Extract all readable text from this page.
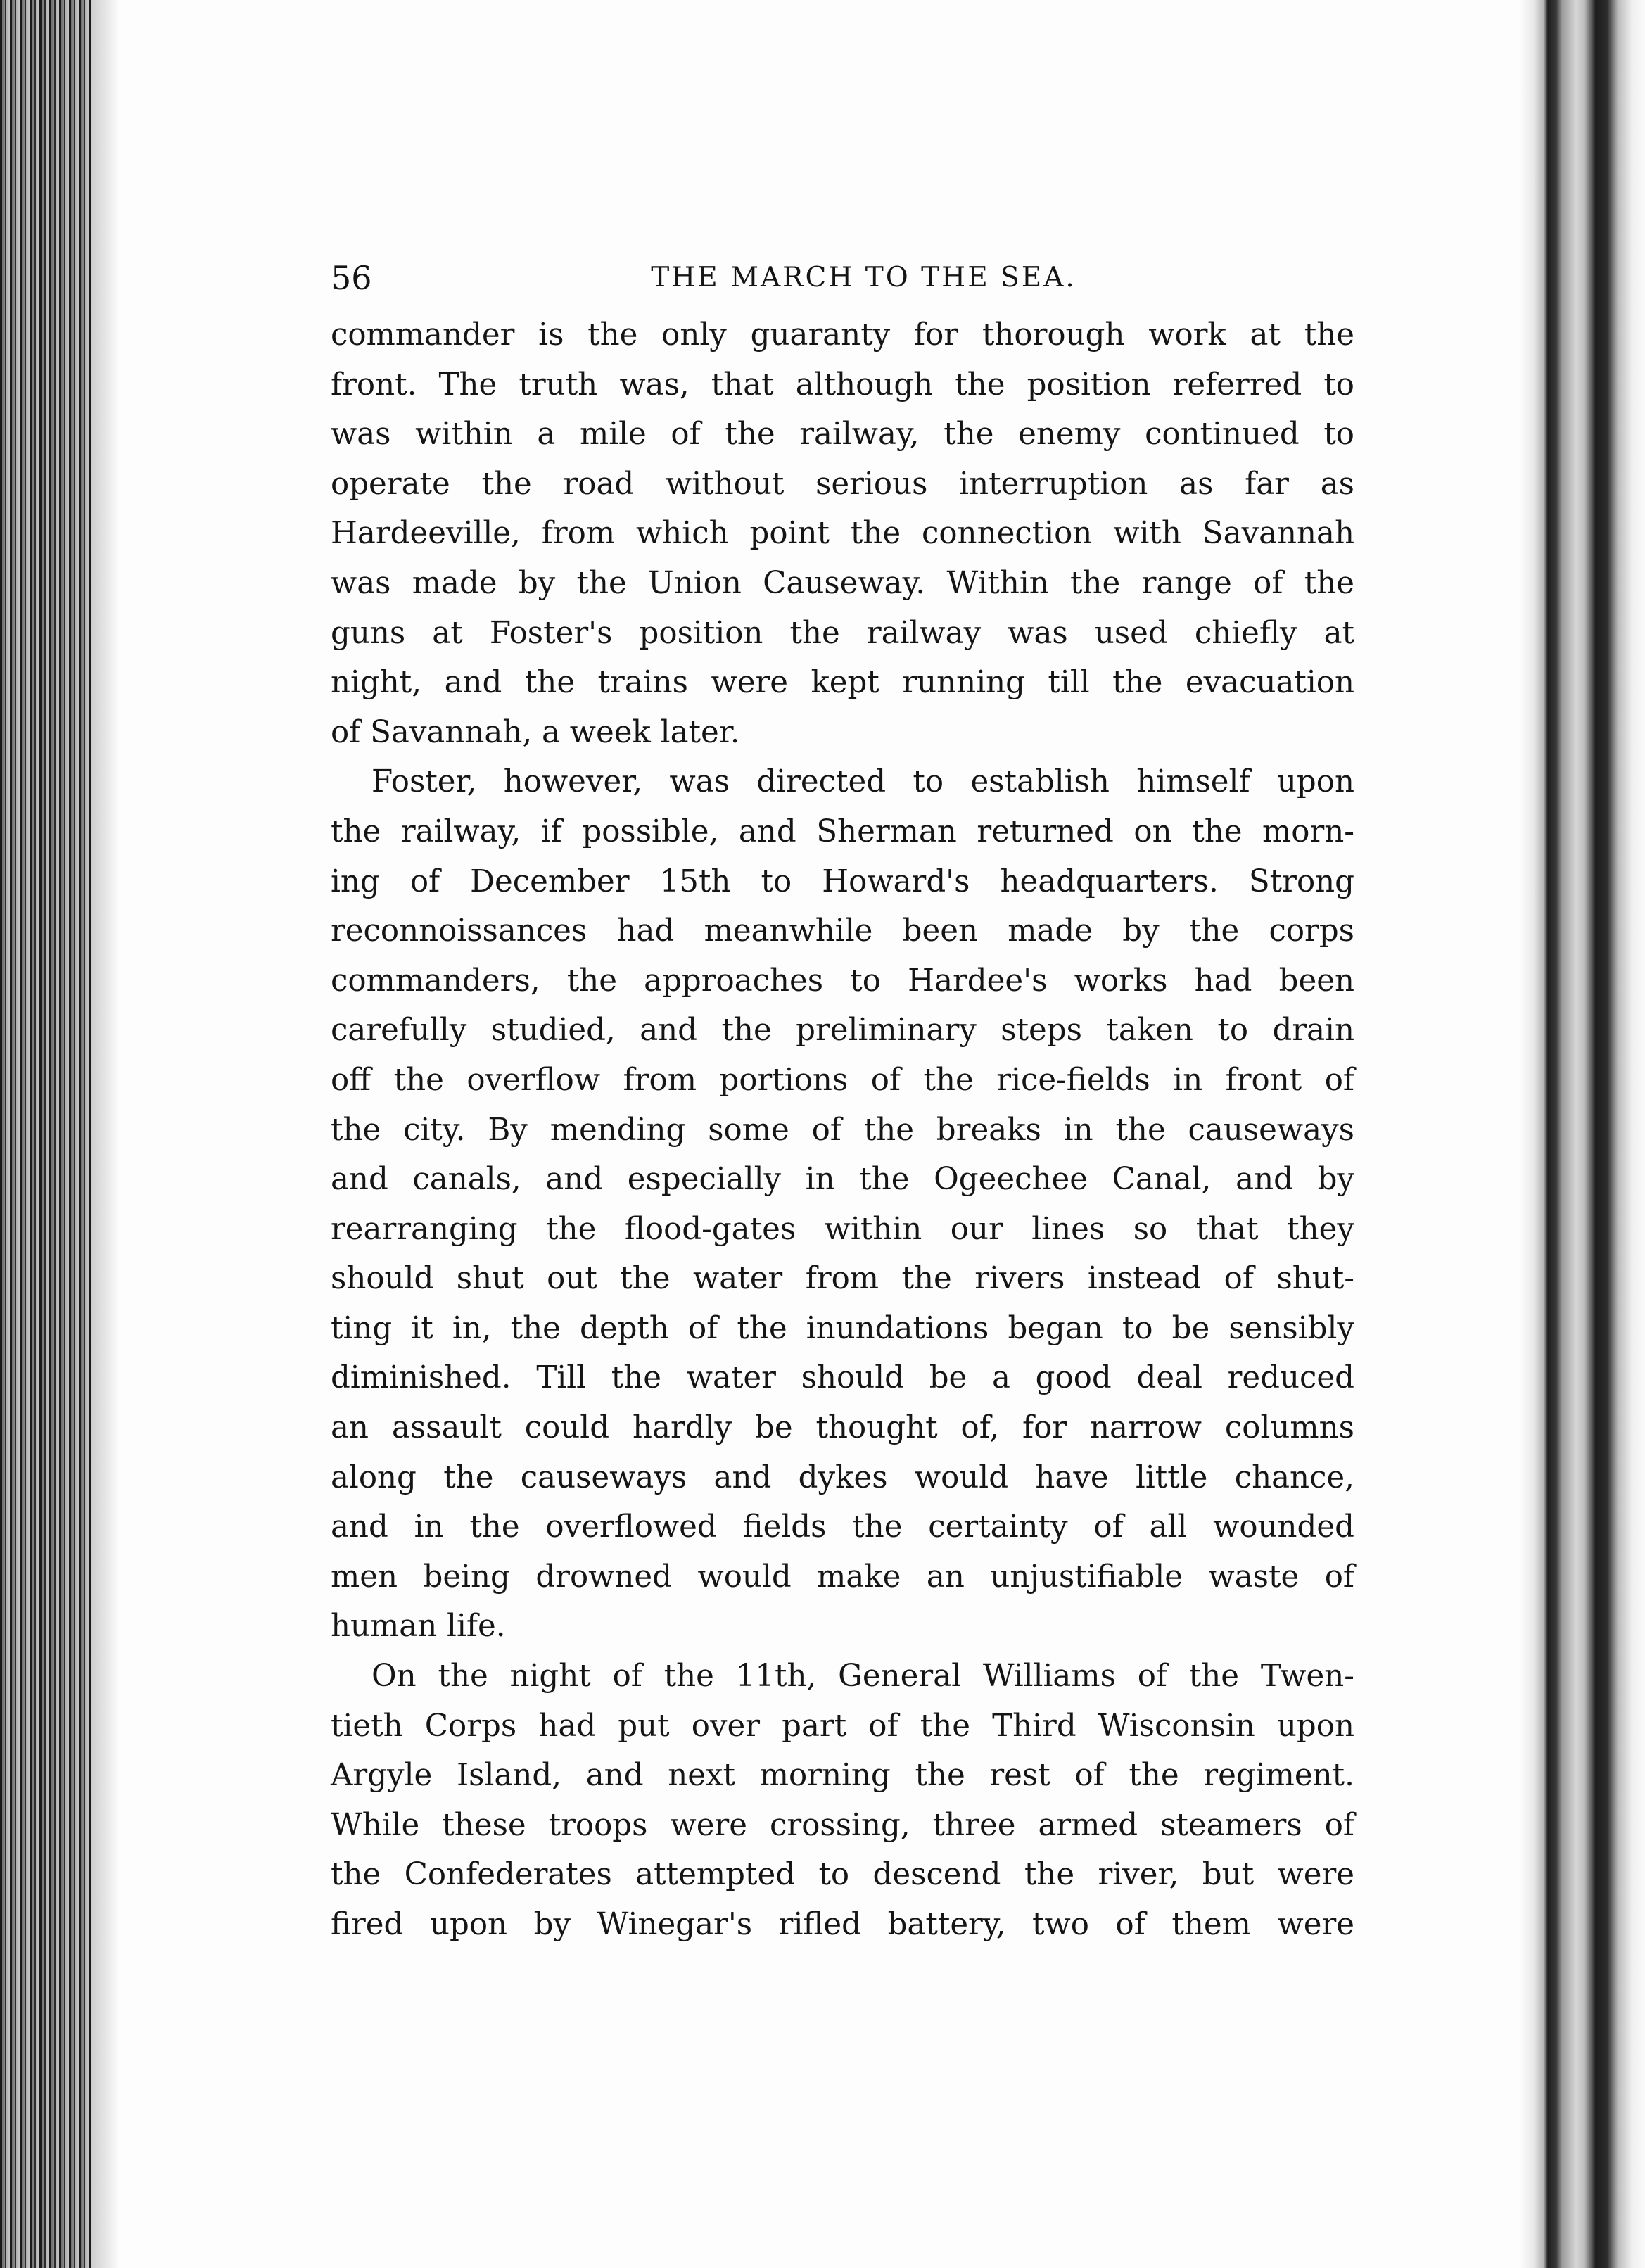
56	THE MARCH TO THE SEA.
commander is the only guaranty for thorough work at the
front. The truth was, that although the position referred to
was within a mile of the railway, the enemy continued to
operate the road without serious interruption as far as
Hardeeville, from which point the connection with Savannah
was made by the Union Causeway. Within the range of the
guns at Foster's position the railway was used chiefly at
night, and the trains were kept running till the evacuation
of Savannah, a week later.
Foster, however, was directed to establish himself upon
the railway, if possible, and Sherman returned on the morn-
ing of December 15th to Howard's headquarters. Strong
reconnoissances had meanwhile been made by the corps
commanders, the approaches to Hardee's works had been
carefully studied, and the preliminary steps taken to drain
off the overflow from portions of the rice-fields in front of
the city. By mending some of the breaks in the causeways
and canals, and especially in the Ogeechee Canal, and by
rearranging the flood-gates within our lines so that they
should shut out the water from the rivers instead of shut-
ting it in, the depth of the inundations began to be sensibly
diminished. Till the water should be a good deal reduced
an assault could hardly be thought of, for narrow columns
along the causeways and dykes would have little chance,
and in the overflowed fields the certainty of all wounded
men being drowned would make an unjustifiable waste of
human life.
On the night of the 11th, General Williams of the Twen-
tieth Corps had put over part of the Third Wisconsin upon
Argyle Island, and next morning the rest of the regiment.
While these troops were crossing, three armed steamers of
the Confederates attempted to descend the river, but were
fired upon by Winegar's rifled battery, two of them were
